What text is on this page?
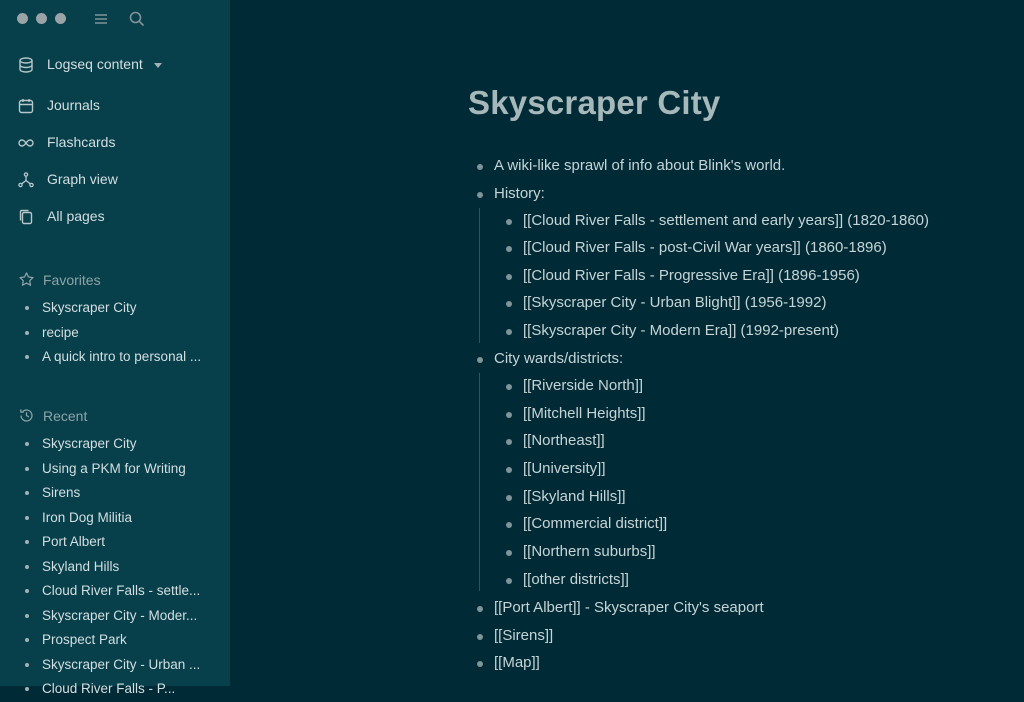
Logseq content
Journals
Flashcards
Graph view
All pages
Favorites
Skyscraper City
recipe
A quick intro to personal ...
Recent
Skyscraper City
Using a PKM for Writing
Sirens
Iron Dog Militia
Port Albert
Skyland Hills
Cloud River Falls - settle...
Skyscraper City - Moder...
Prospect Park
Skyscraper City - Urban ...
Cloud River Falls - P...
Skyscraper City
A wiki-like sprawl of info about Blink's world.
History:
[[Cloud River Falls - settlement and early years]] (1820-1860)
[[Cloud River Falls - post-Civil War years]] (1860-1896)
[[Cloud River Falls - Progressive Era]] (1896-1956)
[[Skyscraper City - Urban Blight]] (1956-1992)
[[Skyscraper City - Modern Era]] (1992-present)
City wards/districts:
[[Riverside North]]
[[Mitchell Heights]]
[[Northeast]]
[[University]]
[[Skyland Hills]]
[[Commercial district]]
[[Northern suburbs]]
[[other districts]]
[[Port Albert]] - Skyscraper City's seaport
[[Sirens]]
[[Map]]
